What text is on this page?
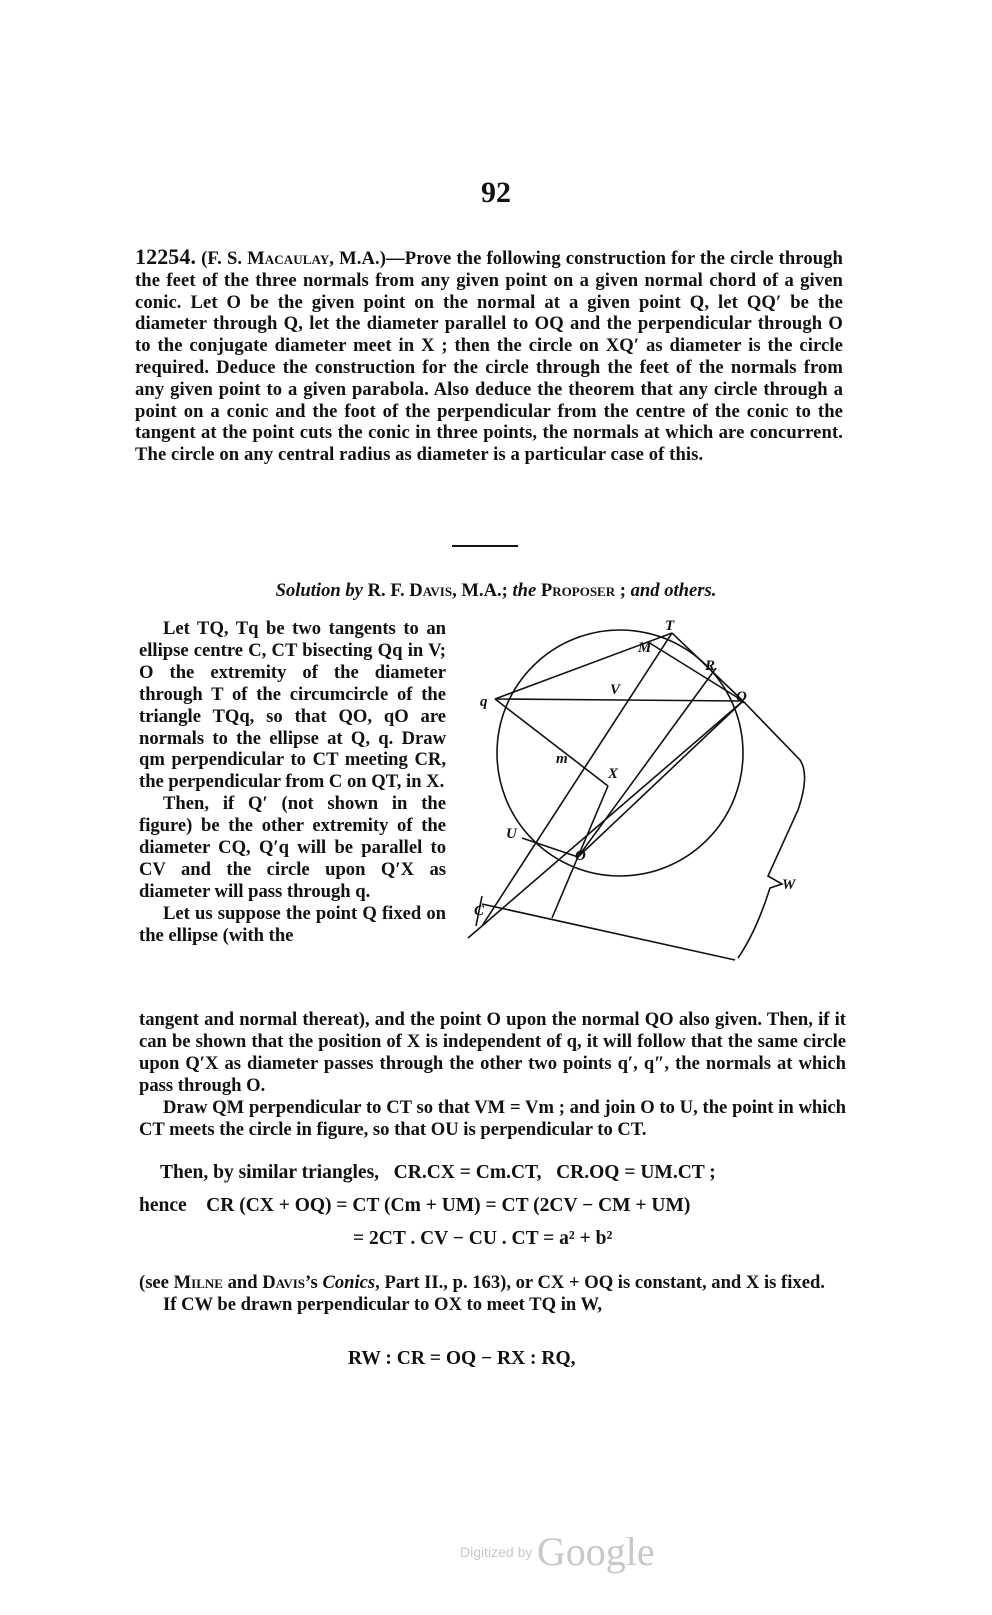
92
12254. (F. S. Macaulay, M.A.)—Prove the following construction for the circle through the feet of the three normals from any given point on a given normal chord of a given conic. Let O be the given point on the normal at a given point Q, let QQ′ be the diameter through Q, let the diameter parallel to OQ and the perpendicular through O to the conjugate diameter meet in X ; then the circle on XQ′ as diameter is the circle required. Deduce the construction for the circle through the feet of the normals from any given point to a given parabola. Also deduce the theorem that any circle through a point on a conic and the foot of the perpendicular from the centre of the conic to the tangent at the point cuts the conic in three points, the normals at which are concurrent. The circle on any central radius as diameter is a particular case of this.
Solution by R. F. Davis, M.A.; the Proposer ; and others.

Let TQ, Tq be two tangents to an ellipse centre C, CT bisecting Qq in V; O the extremity of the diameter through T of the circumcircle of the triangle TQq, so that QO, qO are normals to the ellipse at Q, q. Draw qm perpendicular to CT meeting CR, the perpendicular from C on QT, in X.

Then, if Q′ (not shown in the figure) be the other extremity of the diameter CQ, Q′q will be parallel to CV and the circle upon Q′X as diameter will pass through q.

Let us suppose the point Q fixed on the ellipse (with the

T
M
R
Q
q
V
m
X
U
O
C
W

tangent and normal thereat), and the point O upon the normal QO also given. Then, if it can be shown that the position of X is independent of q, it will follow that the same circle upon Q′X as diameter passes through the other two points q′, q″, the normals at which pass through O.

Draw QM perpendicular to CT so that VM = Vm ; and join O to U, the point in which CT meets the circle in figure, so that OU is perpendicular to CT.

Then, by similar triangles, CR.CX = Cm.CT, CR.OQ = UM.CT ;
hence CR (CX + OQ) = CT (Cm + UM) = CT (2CV − CM + UM)
= 2CT . CV − CU . CT = a² + b²

(see Milne and Davis’s Conics, Part II., p. 163), or CX + OQ is constant, and X is fixed.

If CW be drawn perpendicular to OX to meet TQ in W,

RW : CR = OQ − RX : RQ,
Digitized by Google
